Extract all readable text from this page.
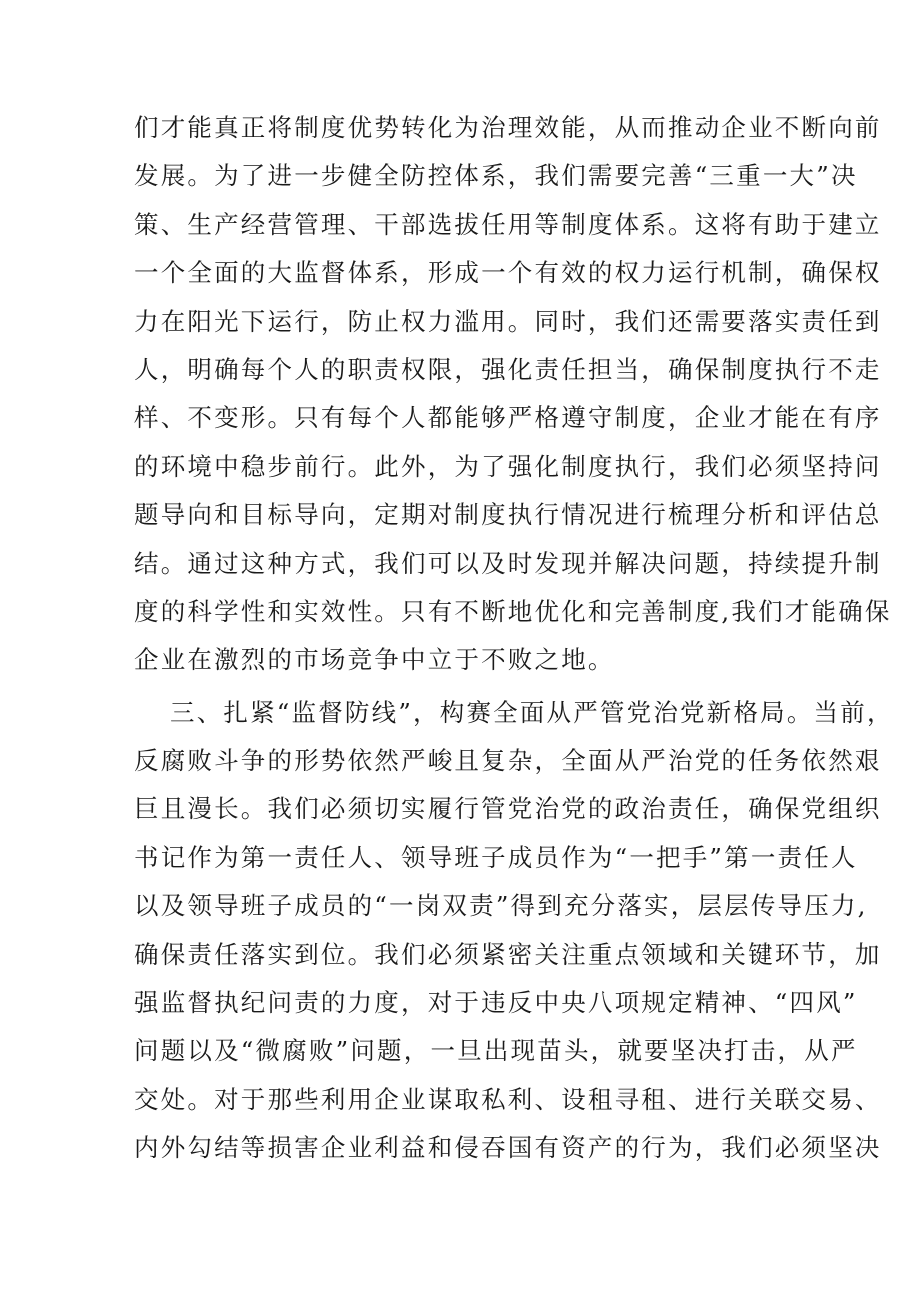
们才能真正将制度优势转化为治理效能，从而推动企业不断向前
发展。为了进一步健全防控体系，我们需要完善“三重一大”决
策、生产经营管理、干部选拔任用等制度体系。这将有助于建立
一个全面的大监督体系，形成一个有效的权力运行机制，确保权
力在阳光下运行，防止权力滥用。同时，我们还需要落实责任到
人，明确每个人的职责权限，强化责任担当，确保制度执行不走
样、不变形。只有每个人都能够严格遵守制度，企业才能在有序
的环境中稳步前行。此外，为了强化制度执行，我们必须坚持问
题导向和目标导向，定期对制度执行情况进行梳理分析和评估总
结。通过这种方式，我们可以及时发现并解决问题，持续提升制
度的科学性和实效性。只有不断地优化和完善制度,我们才能确保
企业在激烈的市场竞争中立于不败之地。
三、扎紧“监督防线”，构赛全面从严管党治党新格局。当前，
反腐败斗争的形势依然严峻且复杂，全面从严治党的任务依然艰
巨且漫长。我们必须切实履行管党治党的政治责任，确保党组织
书记作为第一责任人、领导班子成员作为“一把手”第一责任人
以及领导班子成员的“一岗双责”得到充分落实，层层传导压力,
确保责任落实到位。我们必须紧密关注重点领域和关键环节，加
强监督执纪问责的力度，对于违反中央八项规定精神、“四风”
问题以及“微腐败”问题，一旦出现苗头，就要坚决打击，从严
交处。对于那些利用企业谋取私利、设租寻租、进行关联交易、
内外勾结等损害企业利益和侵吞国有资产的行为，我们必须坚决
